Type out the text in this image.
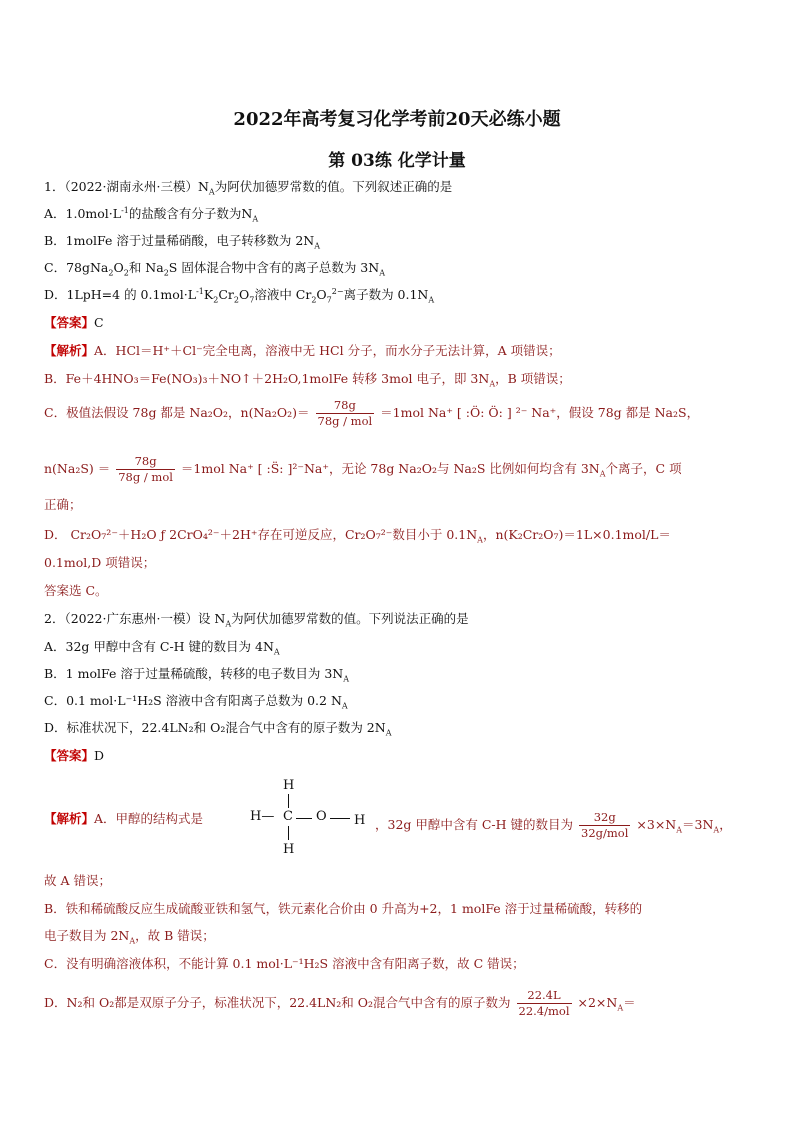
2022年高考复习化学考前20天必练小题
第 03练 化学计量
1．（2022·湖南永州·三模）$N_A$为阿伏加德罗常数的值。下列叙述正确的是
A．$1.0mol\cdot L^{-1}$的盐酸含有分子数为$N_A$
B．1molFe 溶于过量稀硝酸，电子转移数为 $2N_A$
C．$78gNa_2O_2$和 $Na_2S$ 固体混合物中含有的离子总数为 $3N_A$
D．1LpH=4 的 $0.1mol\cdot L^{-1}K_2Cr_2O_7$溶液中 $Cr_2O_7^{2-}$离子数为 $0.1N_A$
【答案】C
【解析】A．HCl＝H⁺＋Cl⁻完全电离，溶液中无 HCl 分子，而水分子无法计算，A 项错误；
B．Fe＋4HNO₃＝Fe(NO₃)₃＋NO↑＋2H₂O,1molFe 转移 3mol 电子，即 $3N_A$，B 项错误；
C．极值法假设 78g 都是 Na₂O₂，$n(Na_2O_2)= \frac{78g}{\text{78g / mol}} =1mol$ Na⁺ [ :Ö: Ö: ] ²⁻ Na⁺，假设 78g 都是 Na₂S，
$n(Na_2S) = \frac{78g}{\text{78g / mol}} =1mol$ Na⁺ [ :S̈: ]²⁻Na⁺，无论 78g Na₂O₂与 Na₂S 比例如何均含有 $3N_A$个离子，C 项
正确；
D． Cr₂O₇²⁻＋H₂O ƒ 2CrO₄²⁻＋2H⁺存在可逆反应，Cr₂O₇²⁻数目小于 $0.1N_A$，n(K₂Cr₂O₇)＝1L×0.1mol/L＝
0.1mol,D 项错误；
答案选 C。
2．（2022·广东惠州·一模）设 $N_A$为阿伏加德罗常数的值。下列说法正确的是
A．32g 甲醇中含有 C-H 键的数目为 $4N_A$
B．1 molFe 溶于过量稀硫酸，转移的电子数目为 $3N_A$
C．0.1 mol·L⁻¹H₂S 溶液中含有阳离子总数为 0.2 $N_A$
D．标准状况下，22.4LN₂和 O₂混合气中含有的原子数为 $2N_A$
【答案】D
H
H— C O H
H
【解析】A．甲醇的结构式是	，32g 甲醇中含有 C-H 键的数目为 $\frac{32g}{\text{32g/mol}} \times 3\times N_A=3N_A$，
故 A 错误；
B．铁和稀硫酸反应生成硫酸亚铁和氢气，铁元素化合价由 0 升高为+2，1 molFe 溶于过量稀硫酸，转移的
电子数目为 $2N_A$，故 B 错误；
C．没有明确溶液体积，不能计算 0.1 mol·L⁻¹H₂S 溶液中含有阳离子数，故 C 错误；
D．N₂和 O₂都是双原子分子，标准状况下，22.4LN₂和 O₂混合气中含有的原子数为 $\frac{22.4L}{\text{22.4/mol}} \times 2\times N_A=$
